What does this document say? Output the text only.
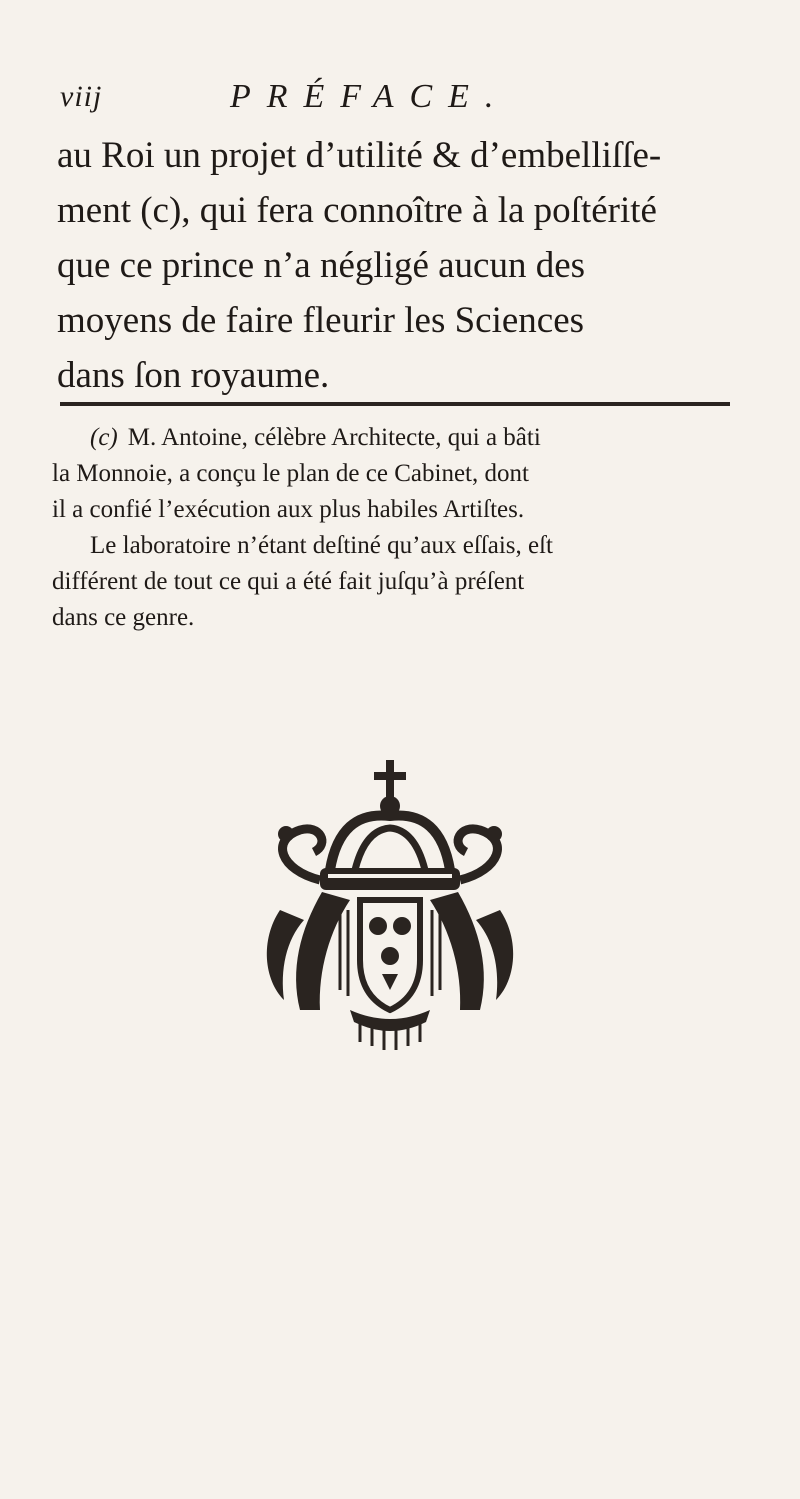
viij	PRÉFACE.
au Roi un projet d’utilité & d’embelliſſe-
ment (c), qui fera connoître à la poſtérité
que ce prince n’a négligé aucun des
moyens de faire fleurir les Sciences
dans ſon royaume.
(c) M. Antoine, célèbre Architecte, qui a bâti
la Monnoie, a conçu le plan de ce Cabinet, dont
il a confié l’exécution aux plus habiles Artiſtes.
Le laboratoire n’étant deſtiné qu’aux eſſais, eſt
différent de tout ce qui a été fait juſqu’à préſent
dans ce genre.
